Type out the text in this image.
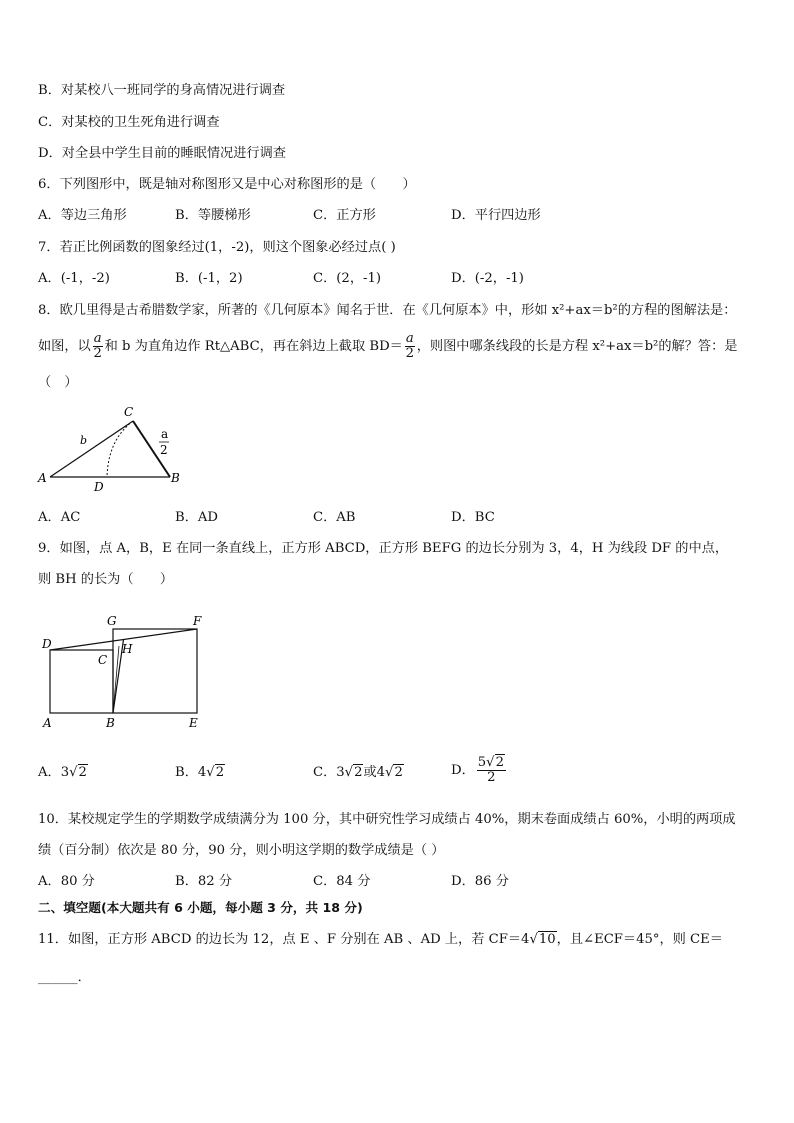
B．对某校八一班同学的身高情况进行调查
C．对某校的卫生死角进行调查
D．对全县中学生目前的睡眠情况进行调查
6．下列图形中，既是轴对称图形又是中心对称图形的是（　　）
A．等边三角形	B．等腰梯形	C．正方形	D．平行四边形
7．若正比例函数的图象经过(1，-2)，则这个图象必经过点( )
A．(-1，-2)	B．(-1，2)	C．(2，-1)	D．(-2，-1)
8．欧几里得是古希腊数学家，所著的《几何原本》闻名于世．在《几何原本》中，形如 x²+ax＝b²的方程的图解法是：
如图，以 $\frac{a}{2}$ 和 b 为直角边作 Rt△ABC，再在斜边上截取 $BD= \frac{a}{2}$ ，则图中哪条线段的长是方程 x²+ax＝b²的解？答：是
（　）
C
b	a
2
A
D
B
A．AC	B．AD	C．AB	D．BC
9．如图，点 A，B，E 在同一条直线上，正方形 ABCD，正方形 BEFG 的边长分别为 3，4，H 为线段 DF 的中点，
则 BH 的长为（　　）
G	F
D
C
H
A	B	E
A．3√2	B．4√2	C．3√2或4√2	D． $\frac{5√2}{2}$
10．某校规定学生的学期数学成绩满分为 100 分，其中研究性学习成绩占 40%，期末卷面成绩占 60%，小明的两项成
绩（百分制）依次是 80 分，90 分，则小明这学期的数学成绩是（ ）
A．80 分	B．82 分	C．84 分	D．86 分
二、填空题(本大题共有 6 小题，每小题 3 分，共 18 分)
11．如图，正方形 ABCD 的边长为 12，点 E 、F 分别在 AB 、AD 上，若 CF＝4√10，且∠ECF＝45°，则 CE＝
______．
